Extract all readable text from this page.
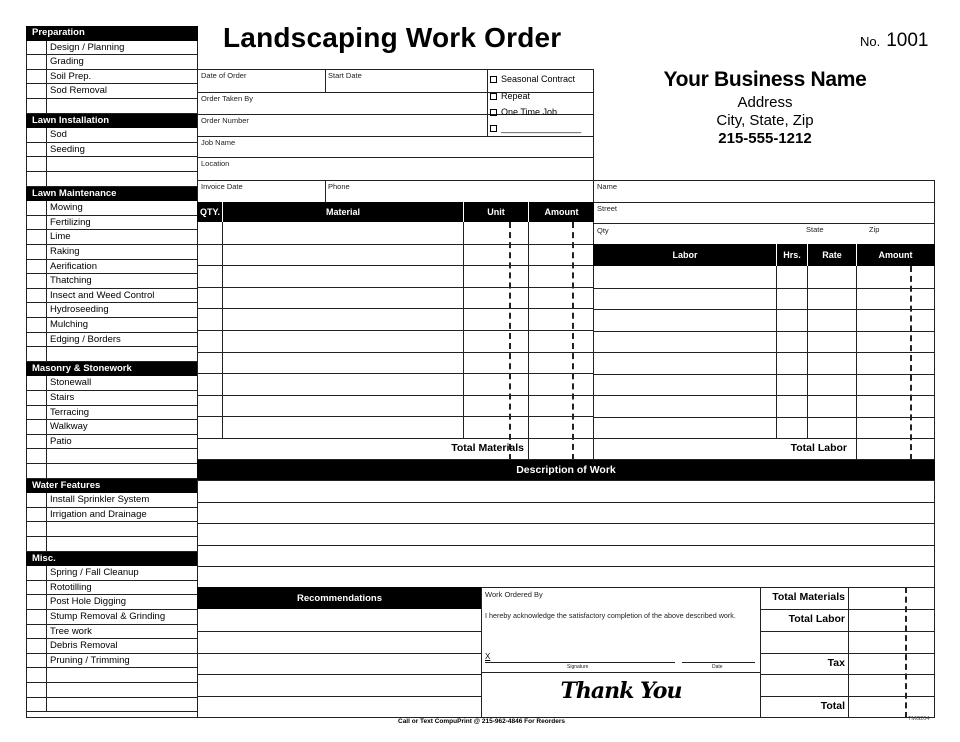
Landscaping Work Order	No. 1001
Your Business Name
Address
City, State, Zip
215-555-1212
Preparation
Design / Planning
Grading
Soil Prep.
Sod Removal
Lawn Installation
Sod
Seeding
Lawn Maintenance
Mowing
Fertilizing
Lime
Raking
Aerification
Thatching
Insect and Weed Control
Hydroseeding
Mulching
Edging / Borders
Masonry & Stonework
Stonewall
Stairs
Terracing
Walkway
Patio
Water Features
Install Sprinkler System
Irrigation and Drainage
Misc.
Spring / Fall Cleanup
Rototilling
Post Hole Digging
Stump Removal & Grinding
Tree work
Debris Removal
Pruning / Trimming
Date of Order	Start Date
Order Taken By
Order Number
Job Name
Location
Invoice Date	Phone
Seasonal Contract
Repeat
One Time Job
________________
Name
Street
Qty	State	Zip
QTY.	Material	Unit	Amount
Total Materials
Labor	Hrs.	Rate	Amount
Total Labor
Description of Work
Recommendations	Work Ordered By
I hereby acknowledge the satisfactory completion of the above described work.
X
Signature	Date
Thank You
Total Materials
Total Labor
Tax
Total
Call or Text CompuPrint @ 215-962-4846 For Reorders	TMG204
